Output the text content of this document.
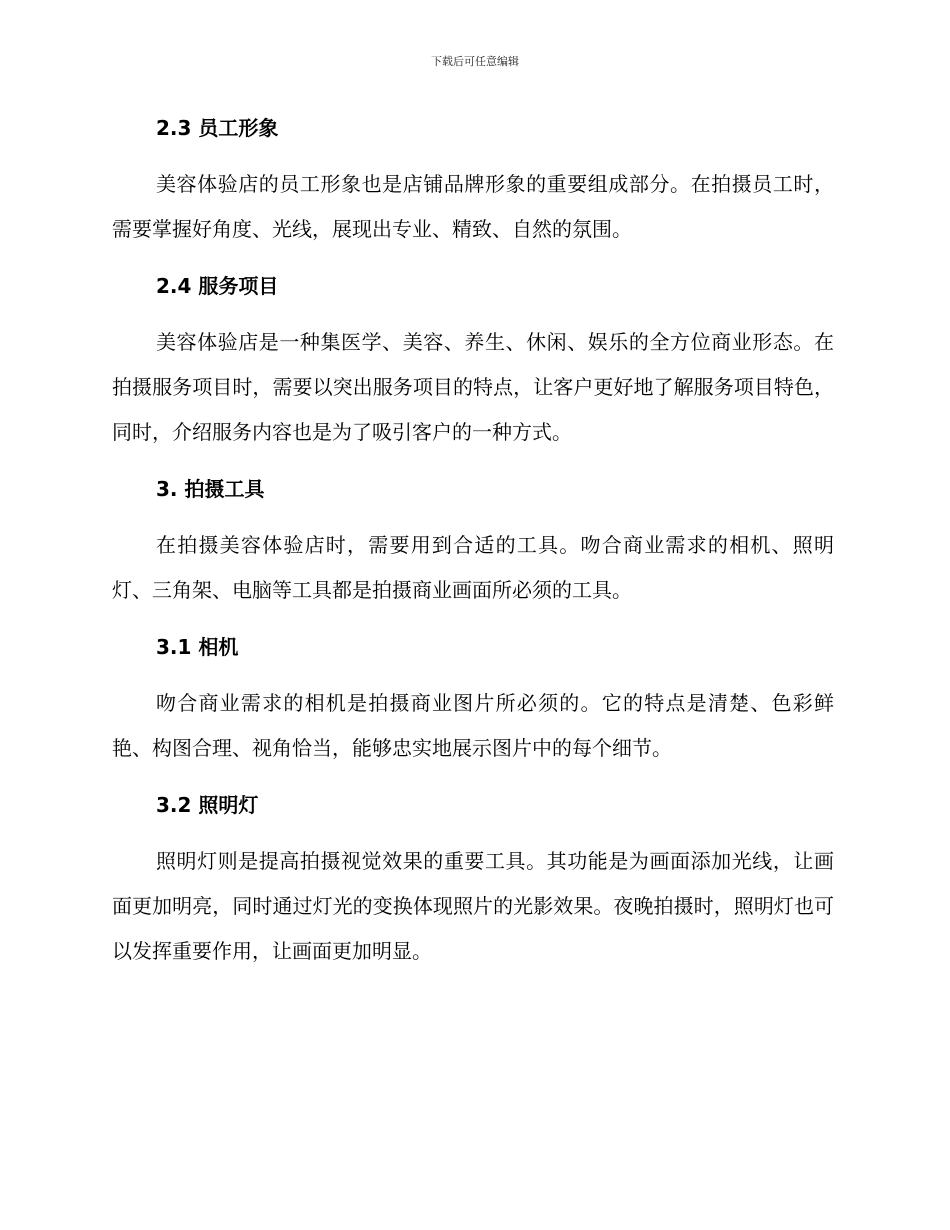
下载后可任意编辑
2.3 员工形象

美容体验店的员工形象也是店铺品牌形象的重要组成部分。在拍摄员工时，需要掌握好角度、光线，展现出专业、精致、自然的氛围。

2.4 服务项目

美容体验店是一种集医学、美容、养生、休闲、娱乐的全方位商业形态。在拍摄服务项目时，需要以突出服务项目的特点，让客户更好地了解服务项目特色，同时，介绍服务内容也是为了吸引客户的一种方式。

3. 拍摄工具

在拍摄美容体验店时，需要用到合适的工具。吻合商业需求的相机、照明灯、三角架、电脑等工具都是拍摄商业画面所必须的工具。

3.1 相机

吻合商业需求的相机是拍摄商业图片所必须的。它的特点是清楚、色彩鲜艳、构图合理、视角恰当，能够忠实地展示图片中的每个细节。

3.2 照明灯

照明灯则是提高拍摄视觉效果的重要工具。其功能是为画面添加光线，让画面更加明亮，同时通过灯光的变换体现照片的光影效果。夜晚拍摄时，照明灯也可以发挥重要作用，让画面更加明显。
